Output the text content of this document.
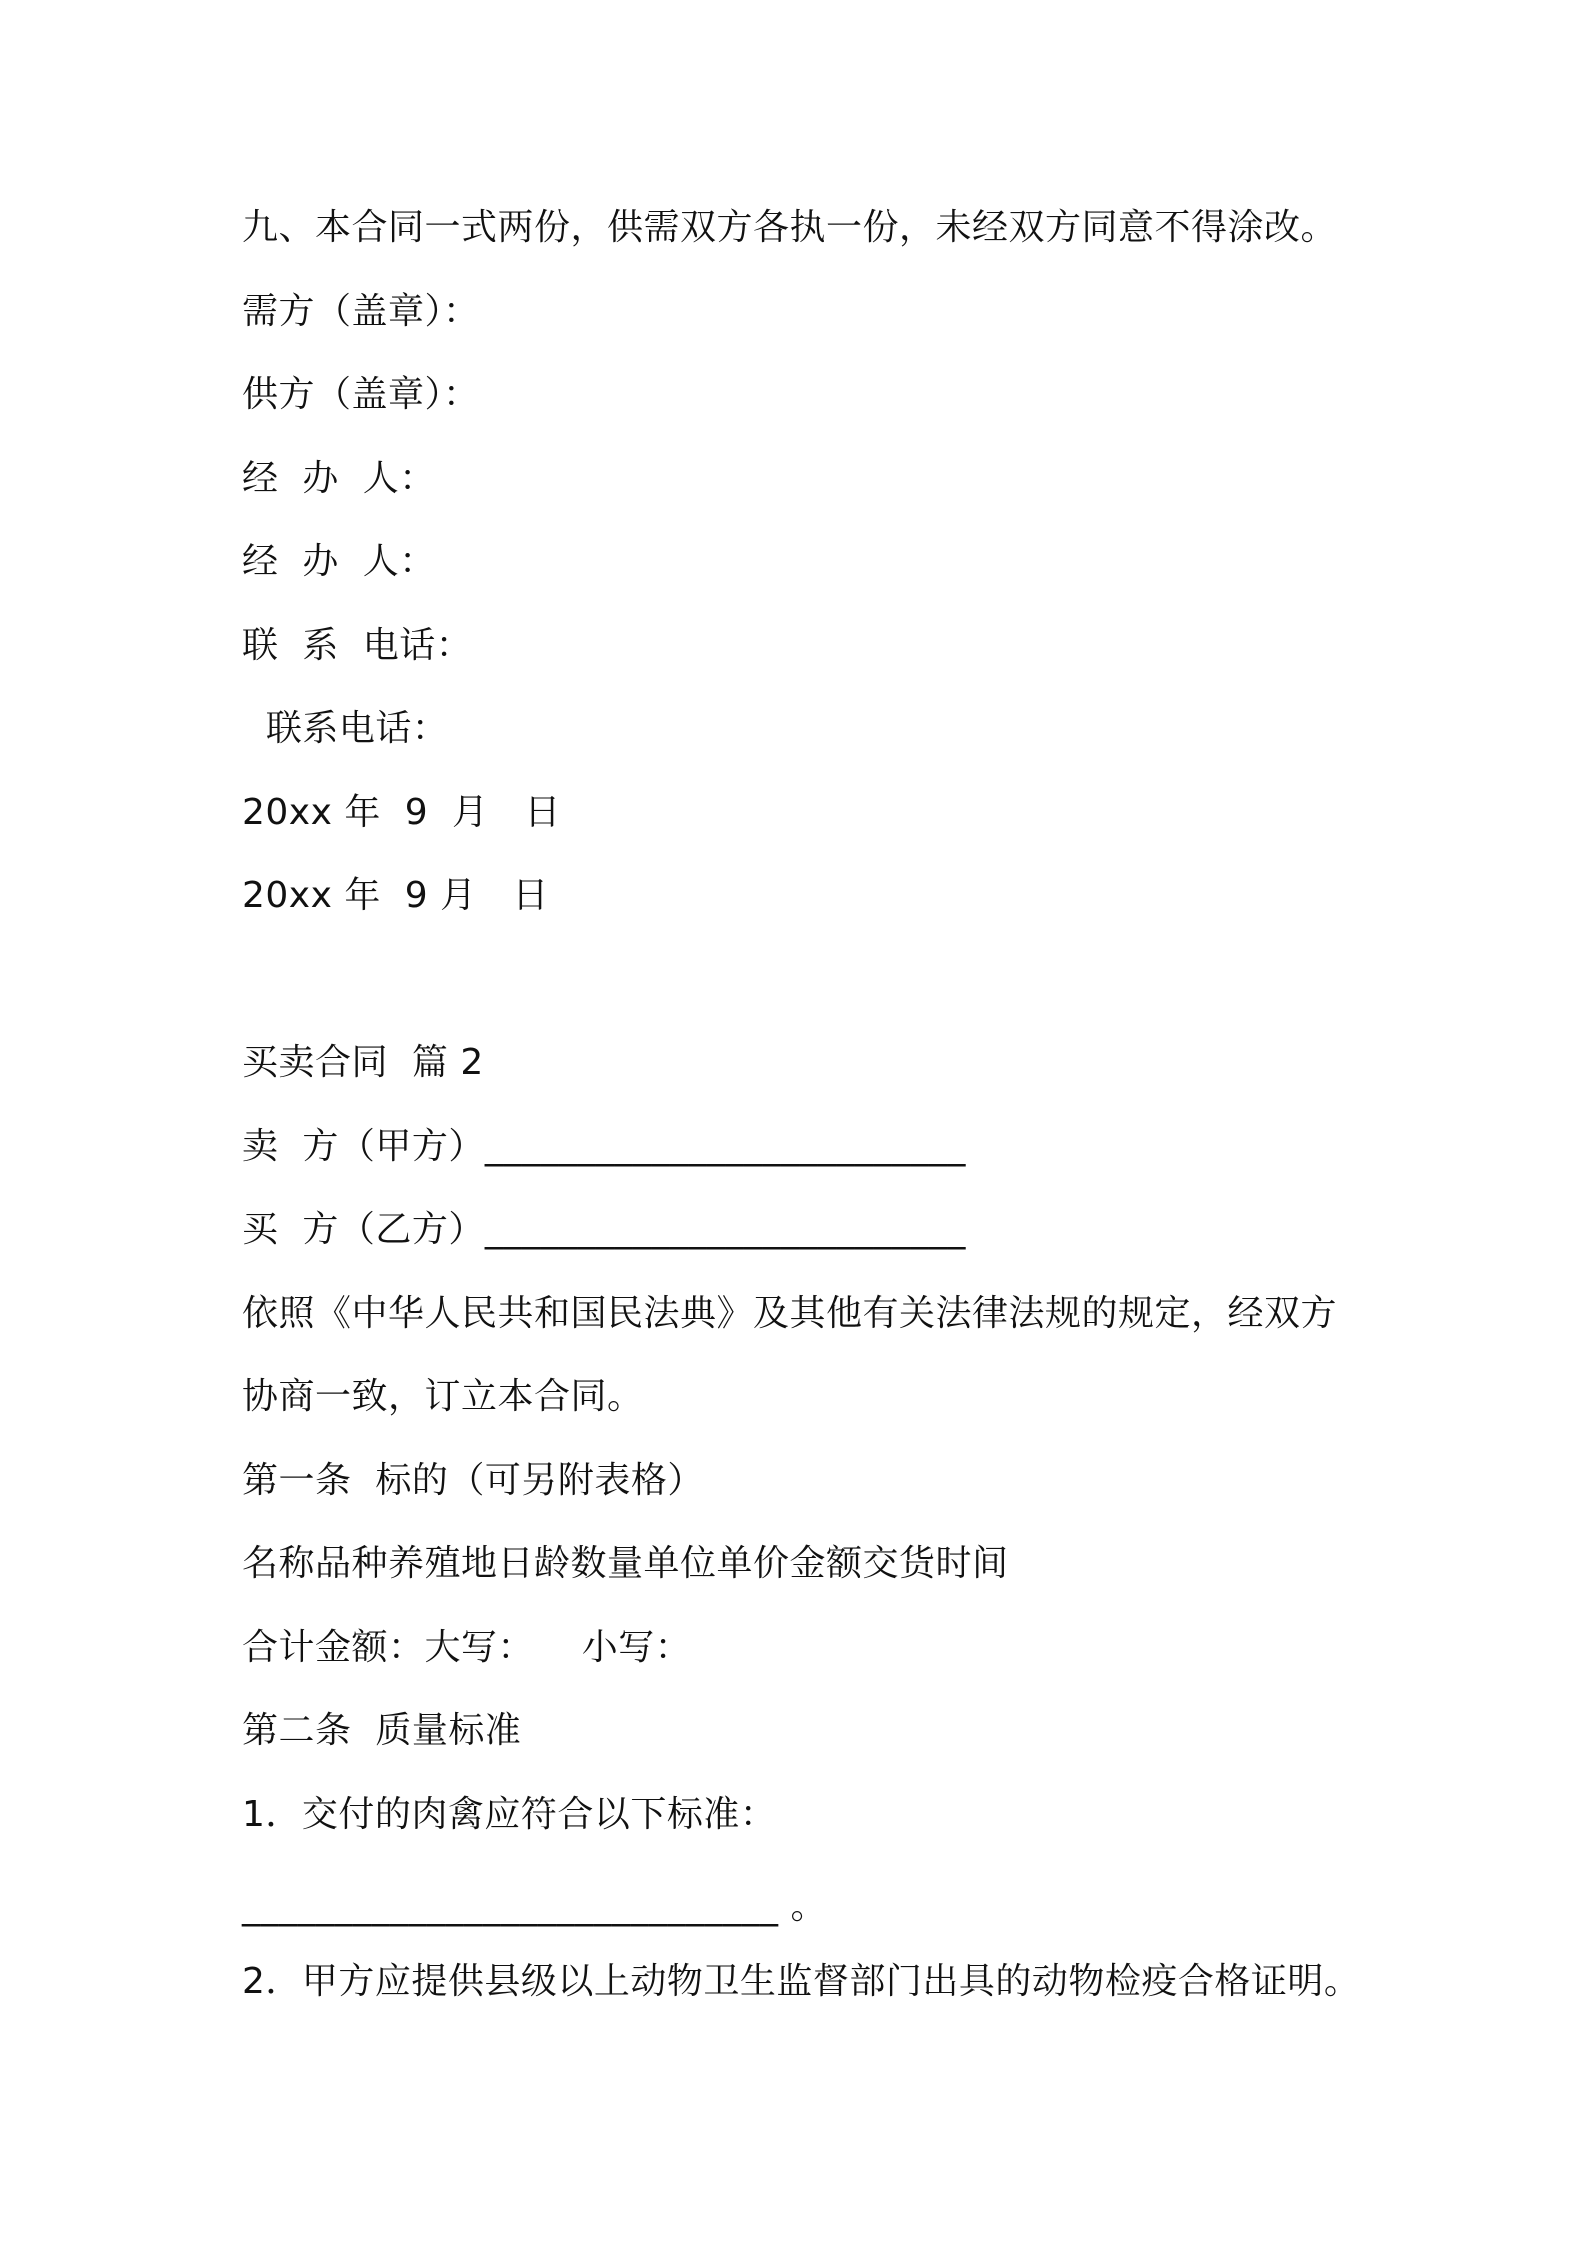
九、本合同一式两份，供需双方各执一份，未经双方同意不得涂改。
需方（盖章）：
供方（盖章）：
经  办  人：
经  办  人：
联  系  电话：
联系电话：
20xx 年  9  月   日
20xx 年  9 月   日
买卖合同  篇 2
卖  方（甲方）__________________________
买  方（乙方）__________________________
依照《中华人民共和国民法典》及其他有关法律法规的规定，经双方
协商一致，订立本合同。
第一条  标的（可另附表格）
名称品种养殖地日龄数量单位单价金额交货时间
合计金额：大写：    小写：
第二条  质量标准
1．交付的肉禽应符合以下标准：
_____________________________ 。
2．甲方应提供县级以上动物卫生监督部门出具的动物检疫合格证明。
